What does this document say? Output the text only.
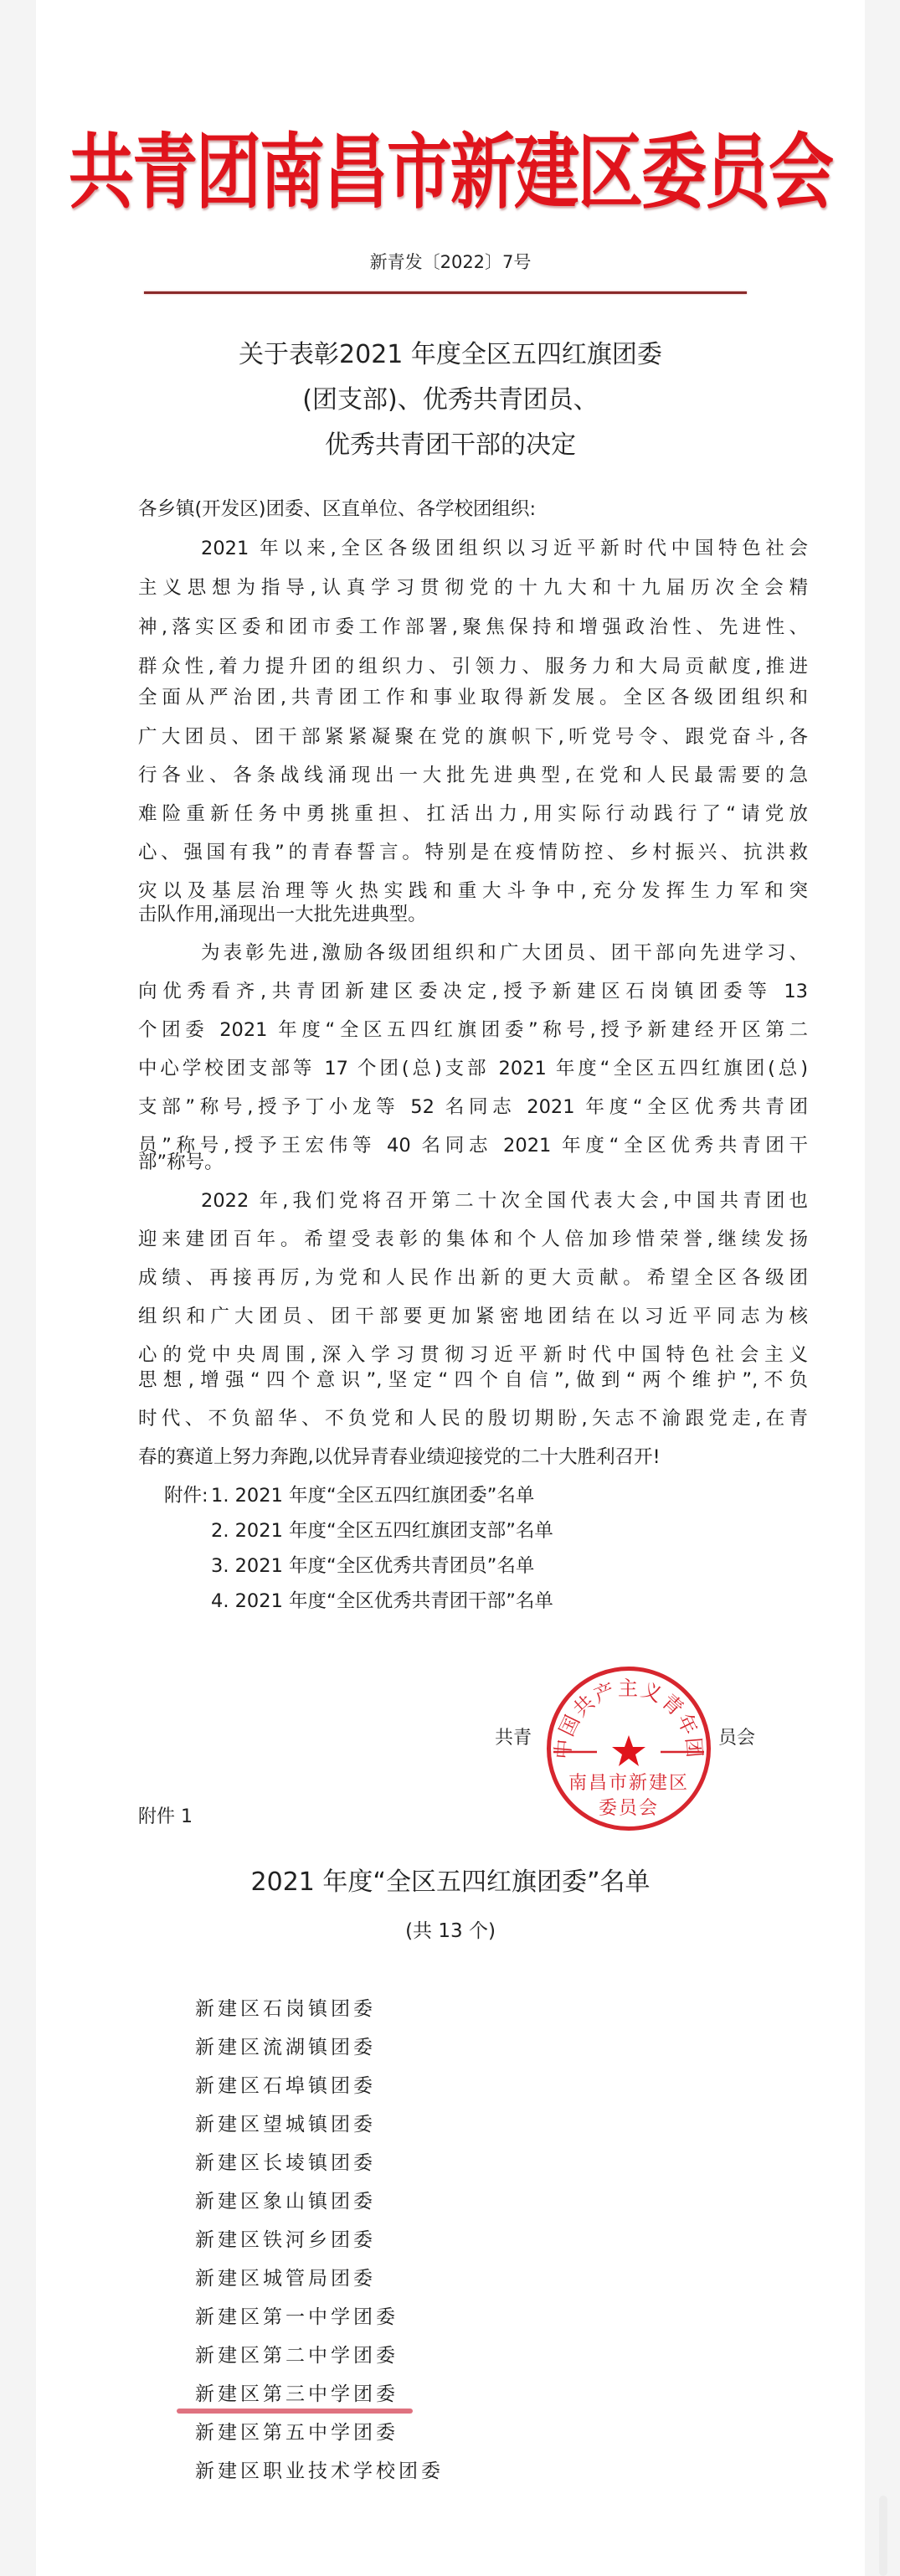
共青团南昌市新建区委员会
新青发〔2022〕7号
关于表彰2021 年度全区五四红旗团委
(团支部)、优秀共青团员、
优秀共青团干部的决定
各乡镇(开发区)团委、区直单位、各学校团组织:
2021 年以来,全区各级团组织以习近平新时代中国特色社会
主义思想为指导,认真学习贯彻党的十九大和十九届历次全会精
神,落实区委和团市委工作部署,聚焦保持和增强政治性、先进性、
群众性,着力提升团的组织力、引领力、服务力和大局贡献度,推进
全面从严治团,共青团工作和事业取得新发展。全区各级团组织和
广大团员、团干部紧紧凝聚在党的旗帜下,听党号令、跟党奋斗,各
行各业、各条战线涌现出一大批先进典型,在党和人民最需要的急
难险重新任务中勇挑重担、扛活出力,用实际行动践行了“请党放
心、强国有我”的青春誓言。特别是在疫情防控、乡村振兴、抗洪救
灾以及基层治理等火热实践和重大斗争中,充分发挥生力军和突
击队作用,涌现出一大批先进典型。
为表彰先进,激励各级团组织和广大团员、团干部向先进学习、
向优秀看齐,共青团新建区委决定,授予新建区石岗镇团委等 13
个团委 2021 年度“全区五四红旗团委”称号,授予新建经开区第二
中心学校团支部等 17 个团(总)支部 2021 年度“全区五四红旗团(总)
支部”称号,授予丁小龙等 52 名同志 2021 年度“全区优秀共青团
员”称号,授予王宏伟等 40 名同志 2021 年度“全区优秀共青团干
部”称号。
2022 年,我们党将召开第二十次全国代表大会,中国共青团也
迎来建团百年。希望受表彰的集体和个人倍加珍惜荣誉,继续发扬
成绩、再接再厉,为党和人民作出新的更大贡献。希望全区各级团
组织和广大团员、团干部要更加紧密地团结在以习近平同志为核
心的党中央周围,深入学习贯彻习近平新时代中国特色社会主义
思想,增强“四个意识”,坚定“四个自信”,做到“两个维护”,不负
时代、不负韶华、不负党和人民的殷切期盼,矢志不渝跟党走,在青
春的赛道上努力奔跑,以优异青春业绩迎接党的二十大胜利召开!
附件: 1. 2021 年度“全区五四红旗团委”名单
2. 2021 年度“全区五四红旗团支部”名单
3. 2021 年度“全区优秀共青团员”名单
4. 2021 年度“全区优秀共青团干部”名单
共青	员会
中国共产主义青年团
南昌市新建区
委员会
附件 1
2021 年度“全区五四红旗团委”名单
(共 13 个)
新建区石岗镇团委
新建区流湖镇团委
新建区石埠镇团委
新建区望城镇团委
新建区长堎镇团委
新建区象山镇团委
新建区铁河乡团委
新建区城管局团委
新建区第一中学团委
新建区第二中学团委
新建区第三中学团委
新建区第五中学团委
新建区职业技术学校团委
